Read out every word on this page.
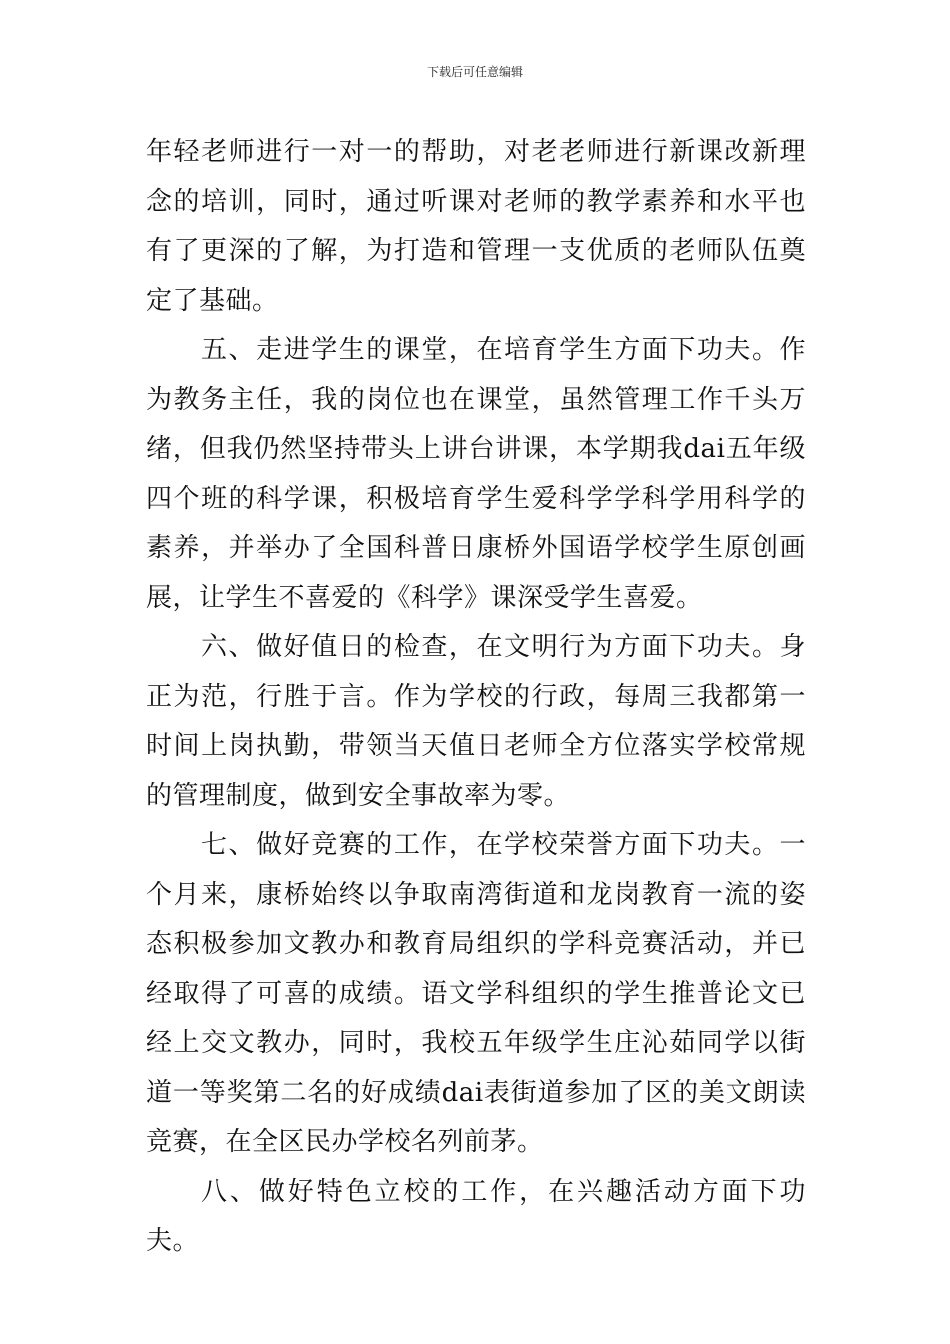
下载后可任意编辑

年轻老师进行一对一的帮助，对老老师进行新课改新理念的培训，同时，通过听课对老师的教学素养和水平也有了更深的了解，为打造和管理一支优质的老师队伍奠定了基础。

五、走进学生的课堂，在培育学生方面下功夫。作为教务主任，我的岗位也在课堂，虽然管理工作千头万绪，但我仍然坚持带头上讲台讲课，本学期我dai五年级四个班的科学课，积极培育学生爱科学学科学用科学的素养，并举办了全国科普日康桥外国语学校学生原创画展，让学生不喜爱的《科学》课深受学生喜爱。

六、做好值日的检查，在文明行为方面下功夫。身正为范，行胜于言。作为学校的行政，每周三我都第一时间上岗执勤，带领当天值日老师全方位落实学校常规的管理制度，做到安全事故率为零。

七、做好竞赛的工作，在学校荣誉方面下功夫。一个月来，康桥始终以争取南湾街道和龙岗教育一流的姿态积极参加文教办和教育局组织的学科竞赛活动，并已经取得了可喜的成绩。语文学科组织的学生推普论文已经上交文教办，同时，我校五年级学生庄沁茹同学以街道一等奖第二名的好成绩dai表街道参加了区的美文朗读竞赛，在全区民办学校名列前茅。

八、做好特色立校的工作，在兴趣活动方面下功夫。
